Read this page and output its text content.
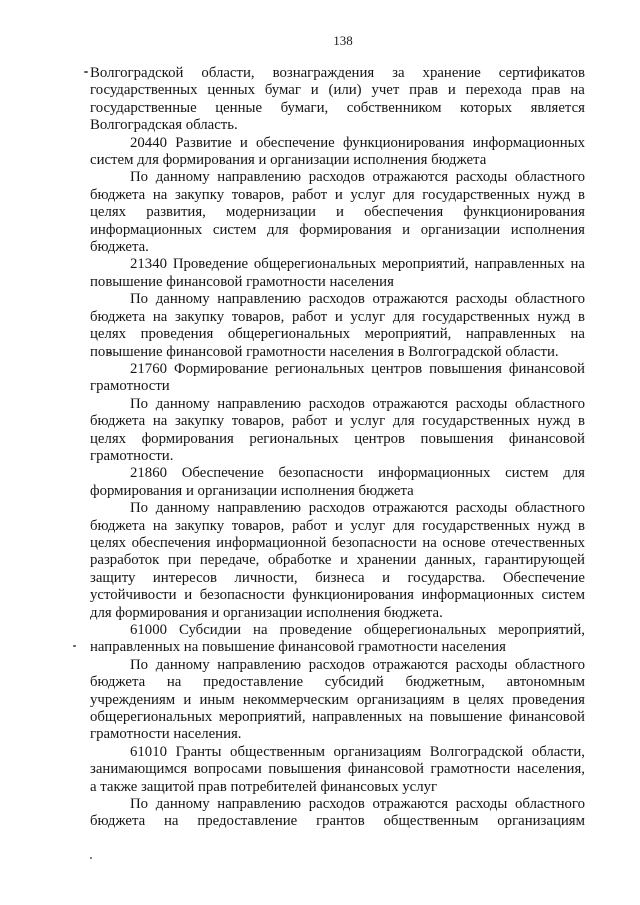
138
Волгоградской области, вознаграждения за хранение сертификатов
государственных ценных бумаг и (или) учет прав и перехода прав на
государственные ценные бумаги, собственником которых является
Волгоградская область.
20440 Развитие и обеспечение функционирования информационных
систем для формирования и организации исполнения бюджета
По данному направлению расходов отражаются расходы областного
бюджета на закупку товаров, работ и услуг для государственных нужд в
целях развития, модернизации и обеспечения функционирования
информационных систем для формирования и организации исполнения
бюджета.
21340 Проведение общерегиональных мероприятий, направленных на
повышение финансовой грамотности населения
По данному направлению расходов отражаются расходы областного
бюджета на закупку товаров, работ и услуг для государственных нужд в
целях проведения общерегиональных мероприятий, направленных на
повышение финансовой грамотности населения в Волгоградской области.
21760 Формирование региональных центров повышения финансовой
грамотности
По данному направлению расходов отражаются расходы областного
бюджета на закупку товаров, работ и услуг для государственных нужд в
целях формирования региональных центров повышения финансовой
грамотности.
21860 Обеспечение безопасности информационных систем для
формирования и организации исполнения бюджета
По данному направлению расходов отражаются расходы областного
бюджета на закупку товаров, работ и услуг для государственных нужд в
целях обеспечения информационной безопасности на основе отечественных
разработок при передаче, обработке и хранении данных, гарантирующей
защиту интересов личности, бизнеса и государства. Обеспечение
устойчивости и безопасности функционирования информационных систем
для формирования и организации исполнения бюджета.
61000 Субсидии на проведение общерегиональных мероприятий,
направленных на повышение финансовой грамотности населения
По данному направлению расходов отражаются расходы областного
бюджета на предоставление субсидий бюджетным, автономным
учреждениям и иным некоммерческим организациям в целях проведения
общерегиональных мероприятий, направленных на повышение финансовой
грамотности населения.
61010 Гранты общественным организациям Волгоградской области,
занимающимся вопросами повышения финансовой грамотности населения,
а также защитой прав потребителей финансовых услуг
По данному направлению расходов отражаются расходы областного
бюджета на предоставление грантов общественным организациям
